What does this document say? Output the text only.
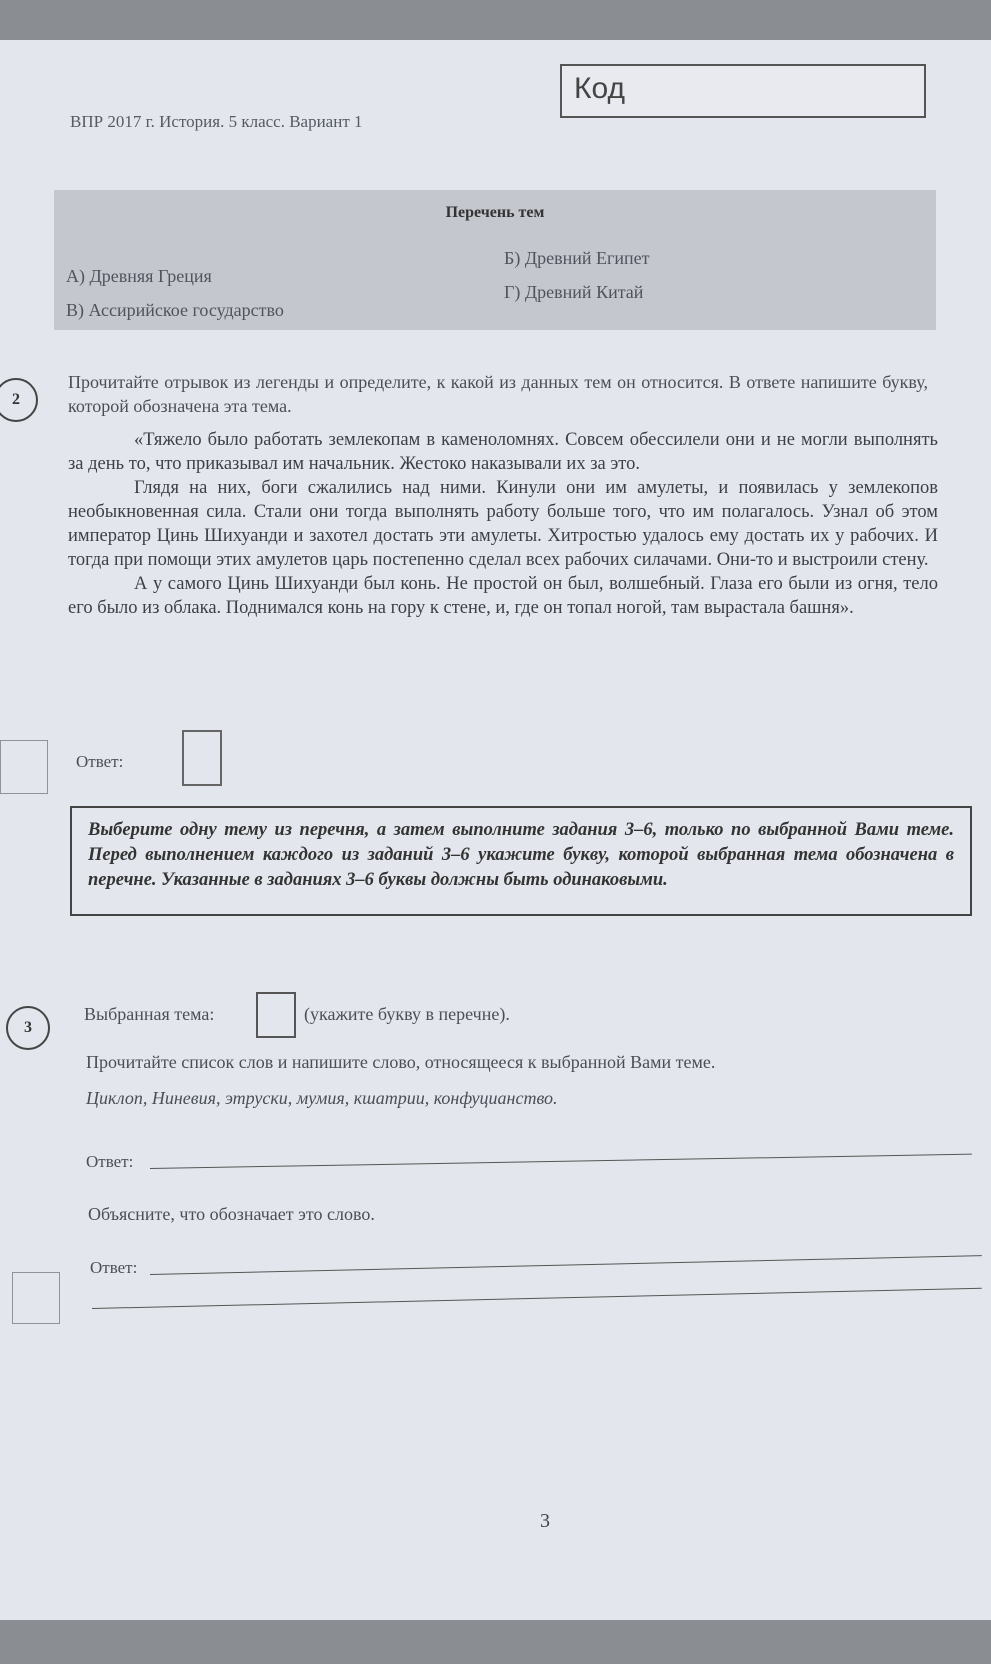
ВПР 2017 г. История. 5 класс. Вариант 1
Код
Перечень тем
А) Древняя Греция
Б) Древний Египет
В) Ассирийское государство
Г) Древний Китай
2
Прочитайте отрывок из легенды и определите, к какой из данных тем он относится. В ответе напишите букву, которой обозначена эта тема.

«Тяжело было работать землекопам в каменоломнях. Совсем обессилели они и не могли выполнять за день то, что приказывал им начальник. Жестоко наказывали их за это.

Глядя на них, боги сжалились над ними. Кинули они им амулеты, и появилась у землекопов необыкновенная сила. Стали они тогда выполнять работу больше того, что им полагалось. Узнал об этом император Цинь Шихуанди и захотел достать эти амулеты. Хитростью удалось ему достать их у рабочих. И тогда при помощи этих амулетов царь постепенно сделал всех рабочих силачами. Они-то и выстроили стену.

А у самого Цинь Шихуанди был конь. Не простой он был, волшебный. Глаза его были из огня, тело его было из облака. Поднимался конь на гору к стене, и, где он топал ногой, там вырастала башня».

Ответ:
Выберите одну тему из перечня, а затем выполните задания 3–6, только по выбранной Вами теме. Перед выполнением каждого из заданий 3–6 укажите букву, которой выбранная тема обозначена в перечне. Указанные в заданиях 3–6 буквы должны быть одинаковыми.
3
Выбранная тема:	(укажите букву в перечне).
Прочитайте список слов и напишите слово, относящееся к выбранной Вами теме.
Циклоп, Ниневия, этруски, мумия, кшатрии, конфуцианство.
Ответ:
Объясните, что обозначает это слово.
Ответ:
3
